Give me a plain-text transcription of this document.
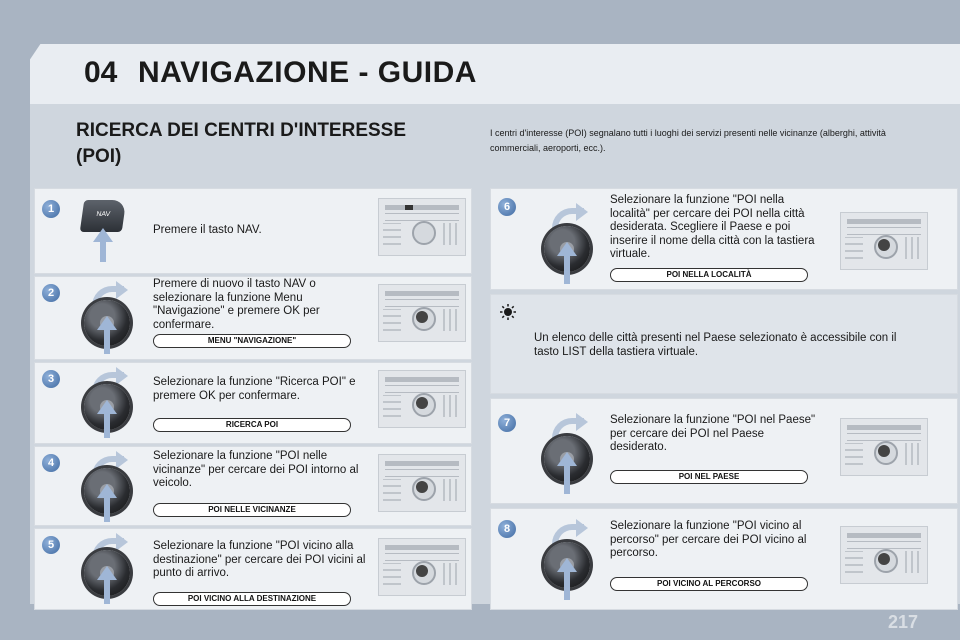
04 NAVIGAZIONE - GUIDA
RICERCA DEI CENTRI D'INTERESSE (POI)
I centri d'interesse (POI) segnalano tutti i luoghi dei servizi presenti nelle vicinanze (alberghi, attività commerciali, aeroporti, ecc.).
1	NAV
Premere il tasto NAV.
2
Premere di nuovo il tasto NAV o selezionare la funzione Menu "Navigazione" e premere OK per confermare.
MENU "NAVIGAZIONE"
3	Selezionare la funzione "Ricerca POI" e premere OK per confermare.
RICERCA POI
4
Selezionare la funzione "POI nelle vicinanze" per cercare dei POI intorno al veicolo.
POI NELLE VICINANZE
5	Selezionare la funzione "POI vicino alla destinazione" per cercare dei POI vicini al punto di arrivo.
POI VICINO ALLA DESTINAZIONE
6
Selezionare la funzione "POI nella località" per cercare dei POI nella città desiderata. Scegliere il Paese e poi inserire il nome della città con la tastiera virtuale.
POI NELLA LOCALITÀ
Un elenco delle città presenti nel Paese selezionato è accessibile con il tasto LIST della tastiera virtuale.
7	Selezionare la funzione "POI nel Paese" per cercare dei POI nel Paese desiderato.
POI NEL PAESE
8	Selezionare la funzione "POI vicino al percorso" per cercare dei POI vicino al percorso.
POI VICINO AL PERCORSO
217
